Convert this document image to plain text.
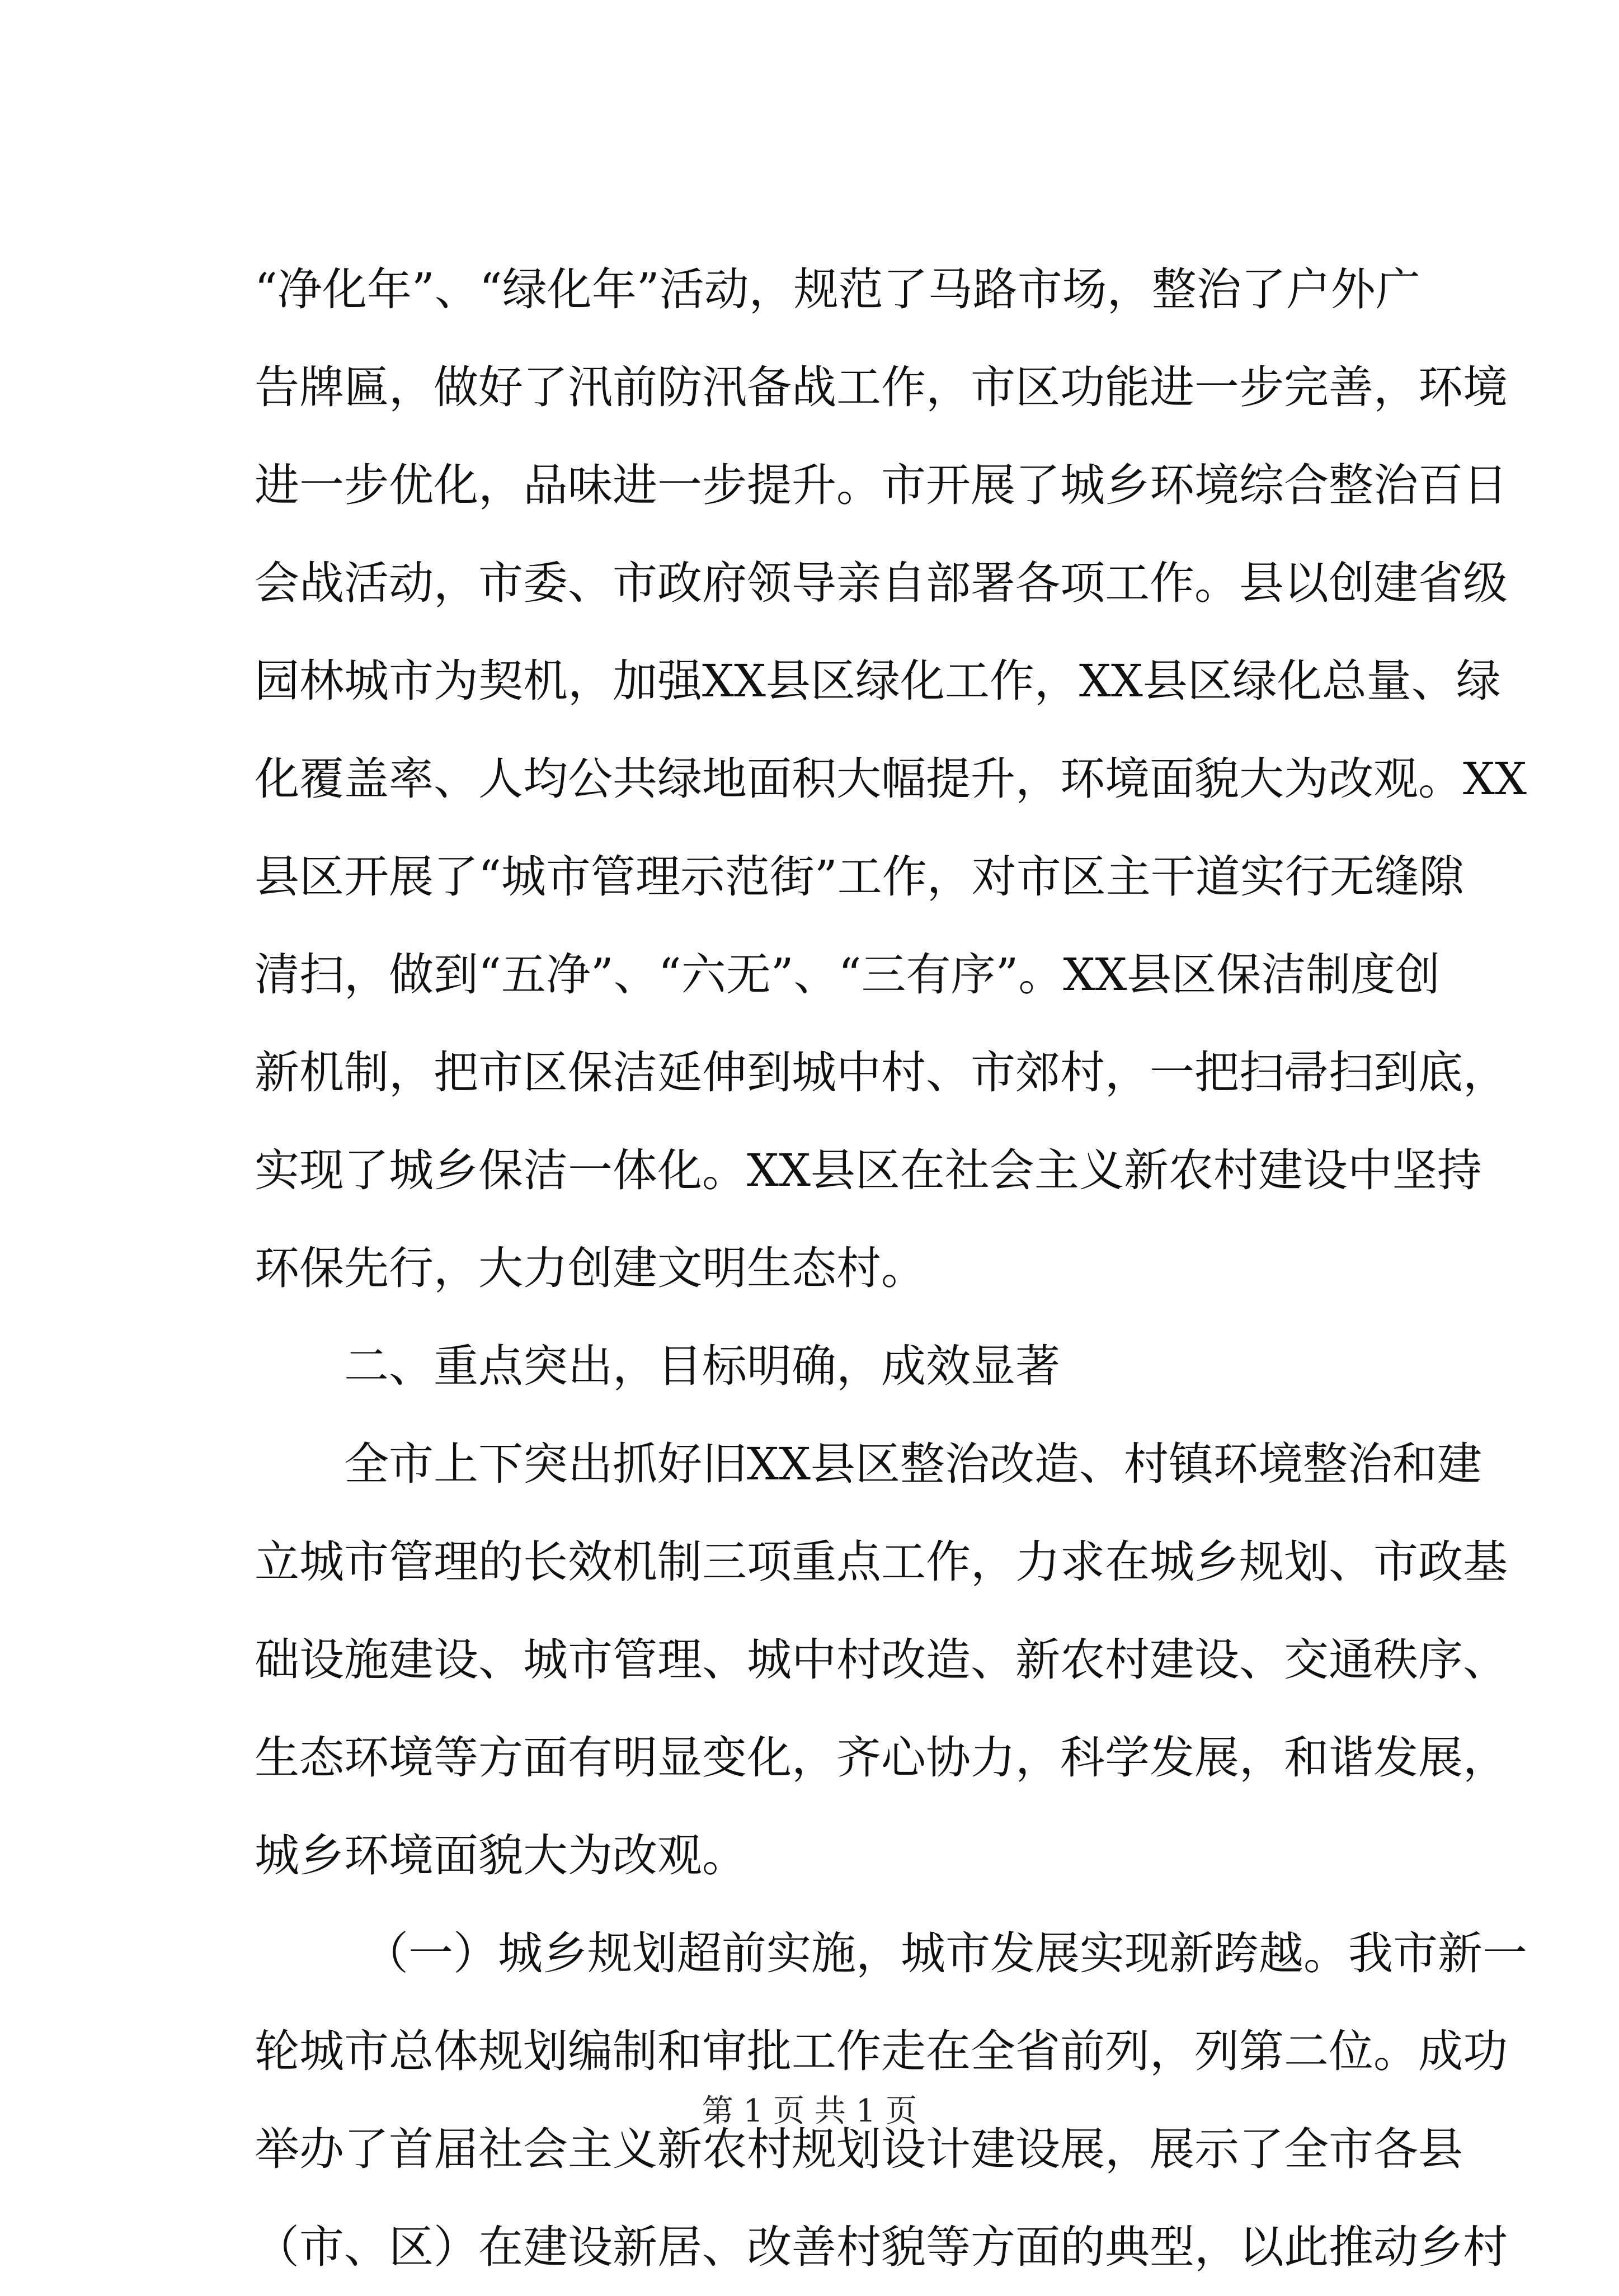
“净化年”、“绿化年”活动，规范了马路市场，整治了户外广
告牌匾，做好了汛前防汛备战工作，市区功能进一步完善，环境
进一步优化，品味进一步提升。市开展了城乡环境综合整治百日
会战活动，市委、市政府领导亲自部署各项工作。县以创建省级
园林城市为契机，加强XX县区绿化工作，XX县区绿化总量、绿
化覆盖率、人均公共绿地面积大幅提升，环境面貌大为改观。XX
县区开展了“城市管理示范街”工作，对市区主干道实行无缝隙
清扫，做到“五净”、“六无”、“三有序”。XX县区保洁制度创
新机制，把市区保洁延伸到城中村、市郊村，一把扫帚扫到底，
实现了城乡保洁一体化。XX县区在社会主义新农村建设中坚持
环保先行，大力创建文明生态村。
二、重点突出，目标明确，成效显著
全市上下突出抓好旧XX县区整治改造、村镇环境整治和建
立城市管理的长效机制三项重点工作，力求在城乡规划、市政基
础设施建设、城市管理、城中村改造、新农村建设、交通秩序、
生态环境等方面有明显变化，齐心协力，科学发展，和谐发展，
城乡环境面貌大为改观。
（一）城乡规划超前实施，城市发展实现新跨越。我市新一
轮城市总体规划编制和审批工作走在全省前列，列第二位。成功
举办了首届社会主义新农村规划设计建设展，展示了全市各县
（市、区）在建设新居、改善村貌等方面的典型，以此推动乡村
第 1 页 共 1 页
